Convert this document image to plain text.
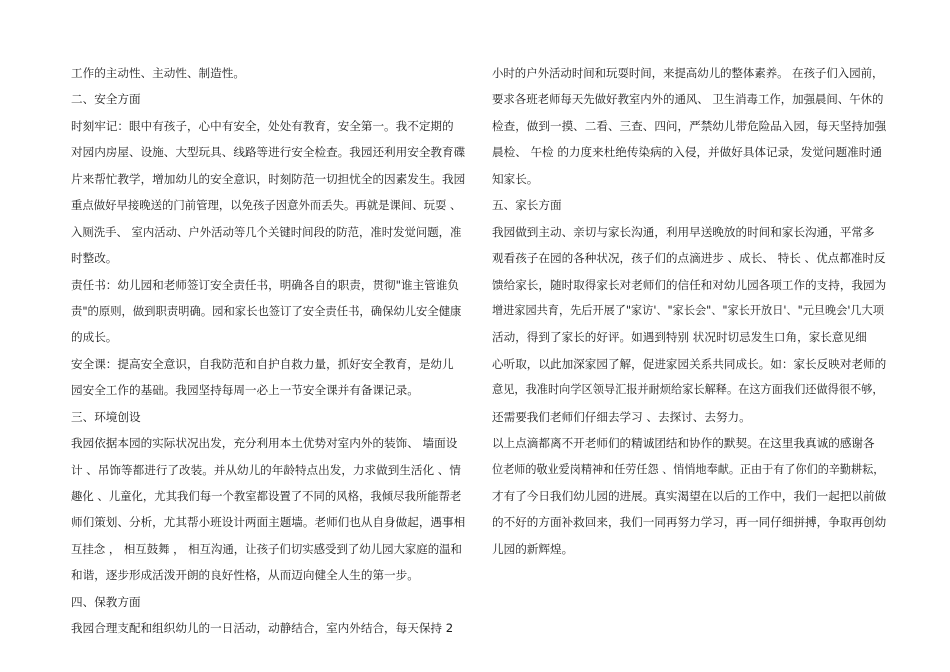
工作的主动性、主动性、制造性。
二、安全方面
时刻牢记：眼中有孩子，心中有安全，处处有教育，安全第一。我不定期的
对园内房屋、设施、大型玩具、线路等进行安全检查。我园还利用安全教育碟
片来帮忙教学，增加幼儿的安全意识，时刻防范一切担忧全的因素发生。我园
重点做好早接晚送的门前管理，以免孩子因意外而丢失。再就是课间、玩耍 、
入厕洗手、 室内活动、户外活动等几个关键时间段的防范，准时发觉问题，准
时整改。
责任书：幼儿园和老师签订安全责任书，明确各自的职责，贯彻"谁主管谁负
责"的原则，做到职责明确。园和家长也签订了安全责任书，确保幼儿安全健康
的成长。
安全课：提高安全意识，自我防范和自护自救力量，抓好安全教育，是幼儿
园安全工作的基础。我园坚持每周一必上一节安全课并有备课记录。
三、环境创设
我园依据本园的实际状况出发，充分利用本土优势对室内外的装饰、 墙面设
计 、吊饰等都进行了改装。并从幼儿的年龄特点出发，力求做到生活化 、情
趣化 、儿童化，尤其我们每一个教室都设置了不同的风格，我倾尽我所能帮老
师们策划、分析，尤其帮小班设计两面主题墙。老师们也从自身做起，遇事相
互挂念 ， 相互鼓舞 ， 相互沟通，让孩子们切实感受到了幼儿园大家庭的温和
和谐，逐步形成活泼开朗的良好性格，从而迈向健全人生的第一步。
四、保教方面
我园合理支配和组织幼儿的一日活动，动静结合，室内外结合，每天保持 2
小时的户外活动时间和玩耍时间，来提高幼儿的整体素养。 在孩子们入园前，
要求各班老师每天先做好教室内外的通风、 卫生消毒工作，加强晨间、午休的
检查，做到一摸、二看、三查、四问，严禁幼儿带危险品入园，每天坚持加强
晨检、 午检 的力度来杜绝传染病的入侵，并做好具体记录，发觉问题准时通
知家长。
五、家长方面
我园做到主动、亲切与家长沟通，利用早送晚放的时间和家长沟通，平常多
观看孩子在园的各种状况，孩子们的点滴进步 、成长、 特长 、优点都准时反
馈给家长，随时取得家长对老师们的信任和对幼儿园各项工作的支持，我园为
增进家园共育，先后开展了"家访'、"家长会"、"家长开放日'、"元旦晚会'几大项
活动，得到了家长的好评。如遇到特别 状况时切忌发生口角，家长意见细
心听取，以此加深家园了解，促进家园关系共同成长。如：家长反映对老师的
意见，我准时向学区领导汇报并耐烦给家长解释。在这方面我们还做得很不够，
还需要我们老师们仔细去学习 、去探讨、去努力。
以上点滴都离不开老师们的精诚团结和协作的默契。在这里我真诚的感谢各
位老师的敬业爱岗精神和任劳任怨 、悄悄地奉献。正由于有了你们的辛勤耕耘，
才有了今日我们幼儿园的进展。真实渴望在以后的工作中，我们一起把以前做
的不好的方面补救回来，我们一同再努力学习，再一同仔细拼搏，争取再创幼
儿园的新辉煌。
